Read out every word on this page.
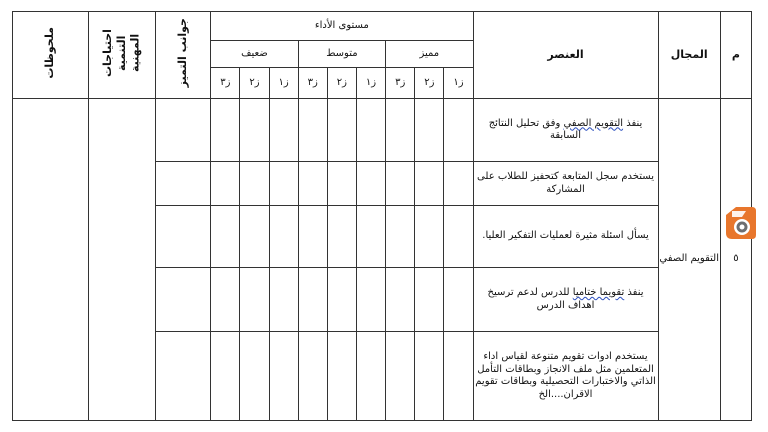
م	المجال	العنصر	مستوى الأداء									جوانب التميز	احتياجات التنمية المهنية	ملحوظات
			مميز			متوسط			ضعيف					
			ز١	ز٢	ز٣	ز١	ز٢	ز٣	ز١	ز٢	ز٣			
٥	التقويم الصفي	ينفذ التقويم الصفي وفق تحليل النتائج السابقة												
		يستخدم سجل المتابعة كتحفيز للطلاب على المشاركة												
		يسأل اسئلة مثيرة لعمليات التفكير العليا.												
		ينفذ تقويما ختاميا للدرس لدعم ترسيخ اهداف الدرس												
		يستخدم ادوات تقويم متنوعة لقياس اداء المتعلمين مثل ملف الانجاز وبطاقات التأمل الذاتي والاختبارات التحصيلية وبطاقات تقويم الاقران....الخ												
